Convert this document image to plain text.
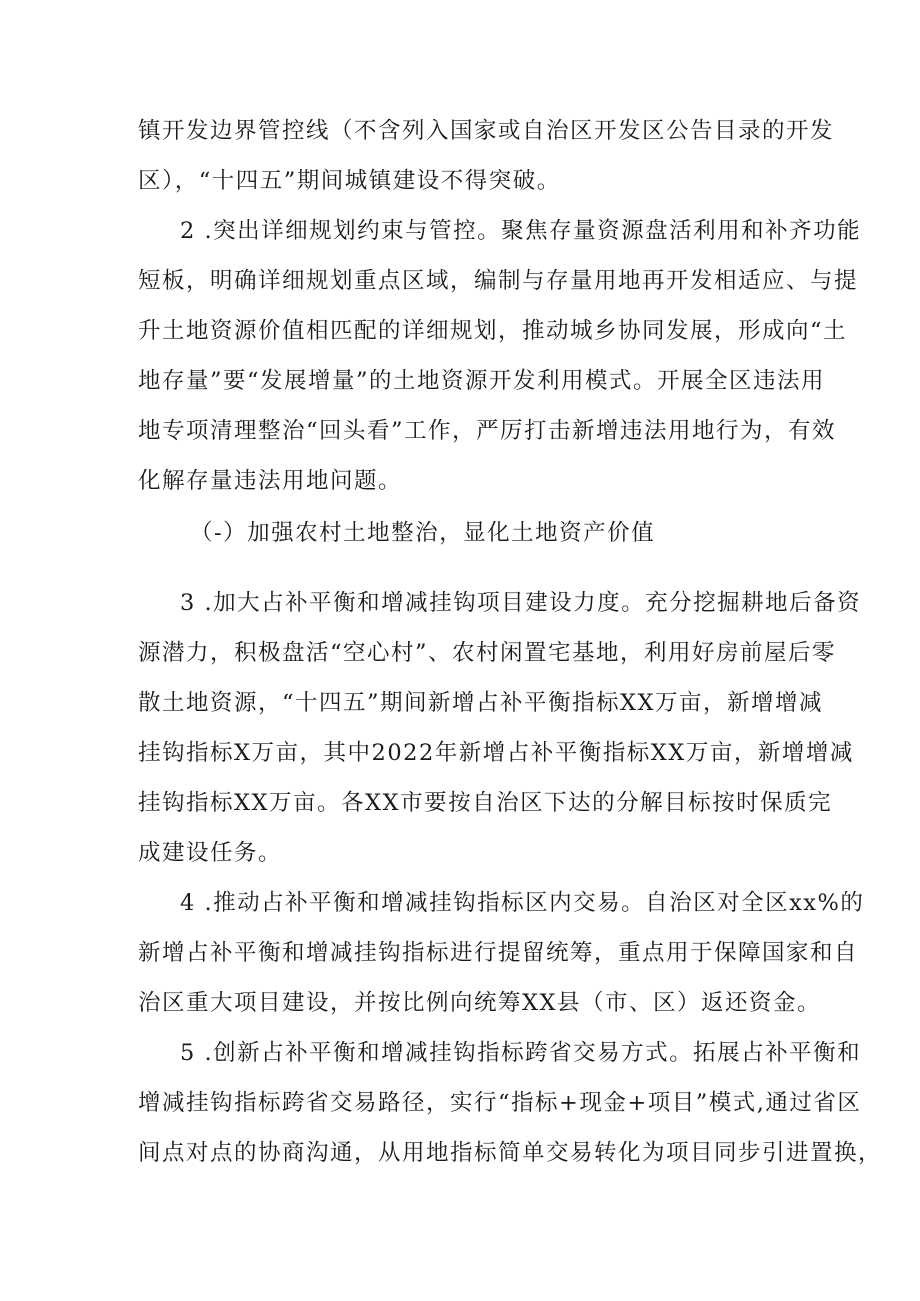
镇开发边界管控线（不含列入国家或自治区开发区公告目录的开发
区），“十四五”期间城镇建设不得突破。
2 .突出详细规划约束与管控。聚焦存量资源盘活利用和补齐功能
短板，明确详细规划重点区域，编制与存量用地再开发相适应、与提
升土地资源价值相匹配的详细规划，推动城乡协同发展，形成向“土
地存量”要“发展增量”的土地资源开发利用模式。开展全区违法用
地专项清理整治“回头看”工作，严厉打击新增违法用地行为，有效
化解存量违法用地问题。
（-）加强农村土地整治，显化土地资产价值
3 .加大占补平衡和增减挂钩项目建设力度。充分挖掘耕地后备资
源潜力，积极盘活“空心村”、农村闲置宅基地，利用好房前屋后零
散土地资源，“十四五”期间新增占补平衡指标XX万亩，新增增减
挂钩指标X万亩，其中2022年新增占补平衡指标XX万亩，新增增减
挂钩指标XX万亩。各XX市要按自治区下达的分解目标按时保质完
成建设任务。
4 .推动占补平衡和增减挂钩指标区内交易。自治区对全区xx%的
新增占补平衡和增减挂钩指标进行提留统筹，重点用于保障国家和自
治区重大项目建设，并按比例向统筹XX县（市、区）返还资金。
5 .创新占补平衡和增减挂钩指标跨省交易方式。拓展占补平衡和
增减挂钩指标跨省交易路径，实行“指标+现金+项目”模式,通过省区
间点对点的协商沟通，从用地指标简单交易转化为项目同步引进置换，
